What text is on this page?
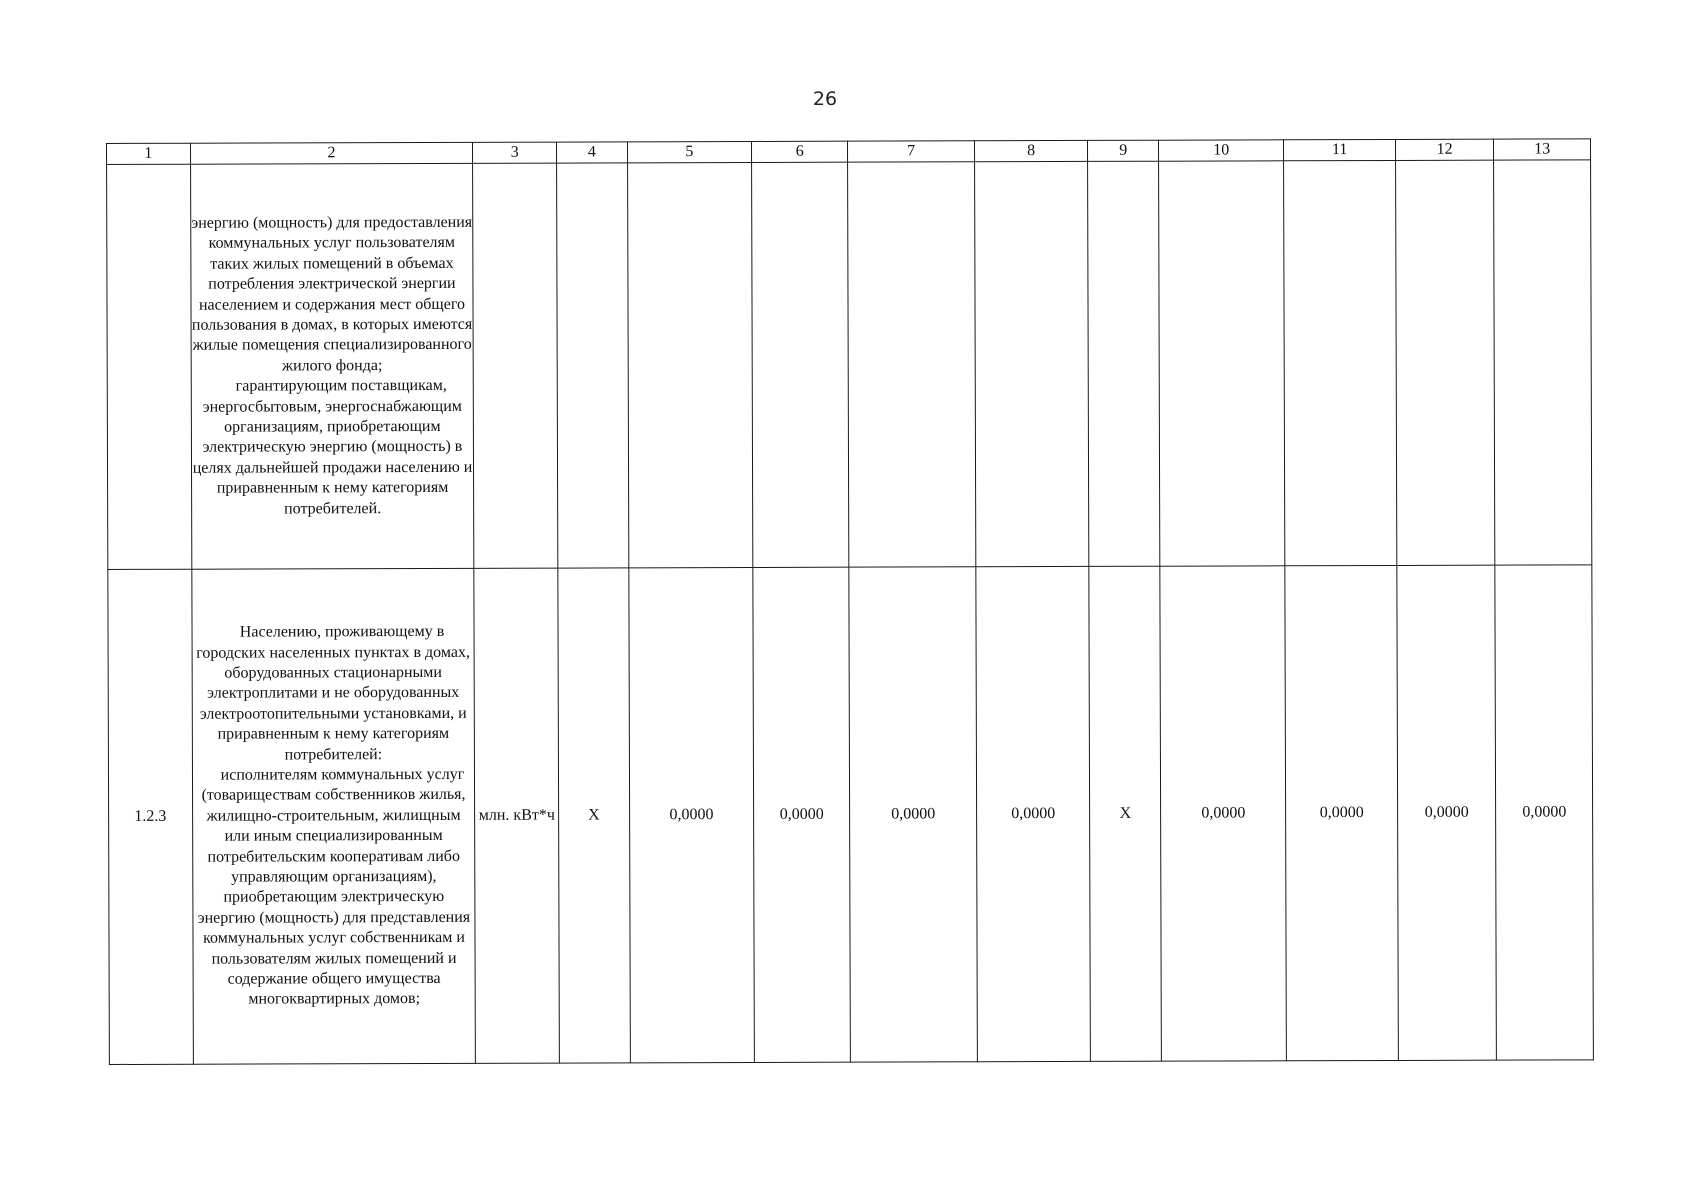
26
1	2	3	4	5	6	7	8	9	10	11	12	13

	энергию (мощность) для предоставления коммунальных услуг пользователям таких жилых помещений в объемах потребления электрической энергии населением и содержания мест общего пользования в домах, в которых имеются жилые помещения специализированного жилого фонда;
гарантирующим поставщикам, энергосбытовым, энергоснабжающим организациям, приобретающим электрическую энергию (мощность) в целях дальнейшей продажи населению и приравненным к нему категориям потребителей.											

1.2.3	Населению, проживающему в городских населенных пунктах в домах, оборудованных стационарными электроплитами и не оборудованных электроотопительными установками, и приравненным к нему категориям потребителей:
исполнителям коммунальных услуг (товариществам собственников жилья, жилищно-строительным, жилищным или иным специализированным потребительским кооперативам либо управляющим организациям), приобретающим электрическую энергию (мощность) для представления коммунальных услуг собственникам и пользователям жилых помещений и содержание общего имущества многоквартирных домов;	млн. кВт*ч	Х	0,0000	0,0000	0,0000	0,0000	Х	0,0000	0,0000	0,0000	0,0000
